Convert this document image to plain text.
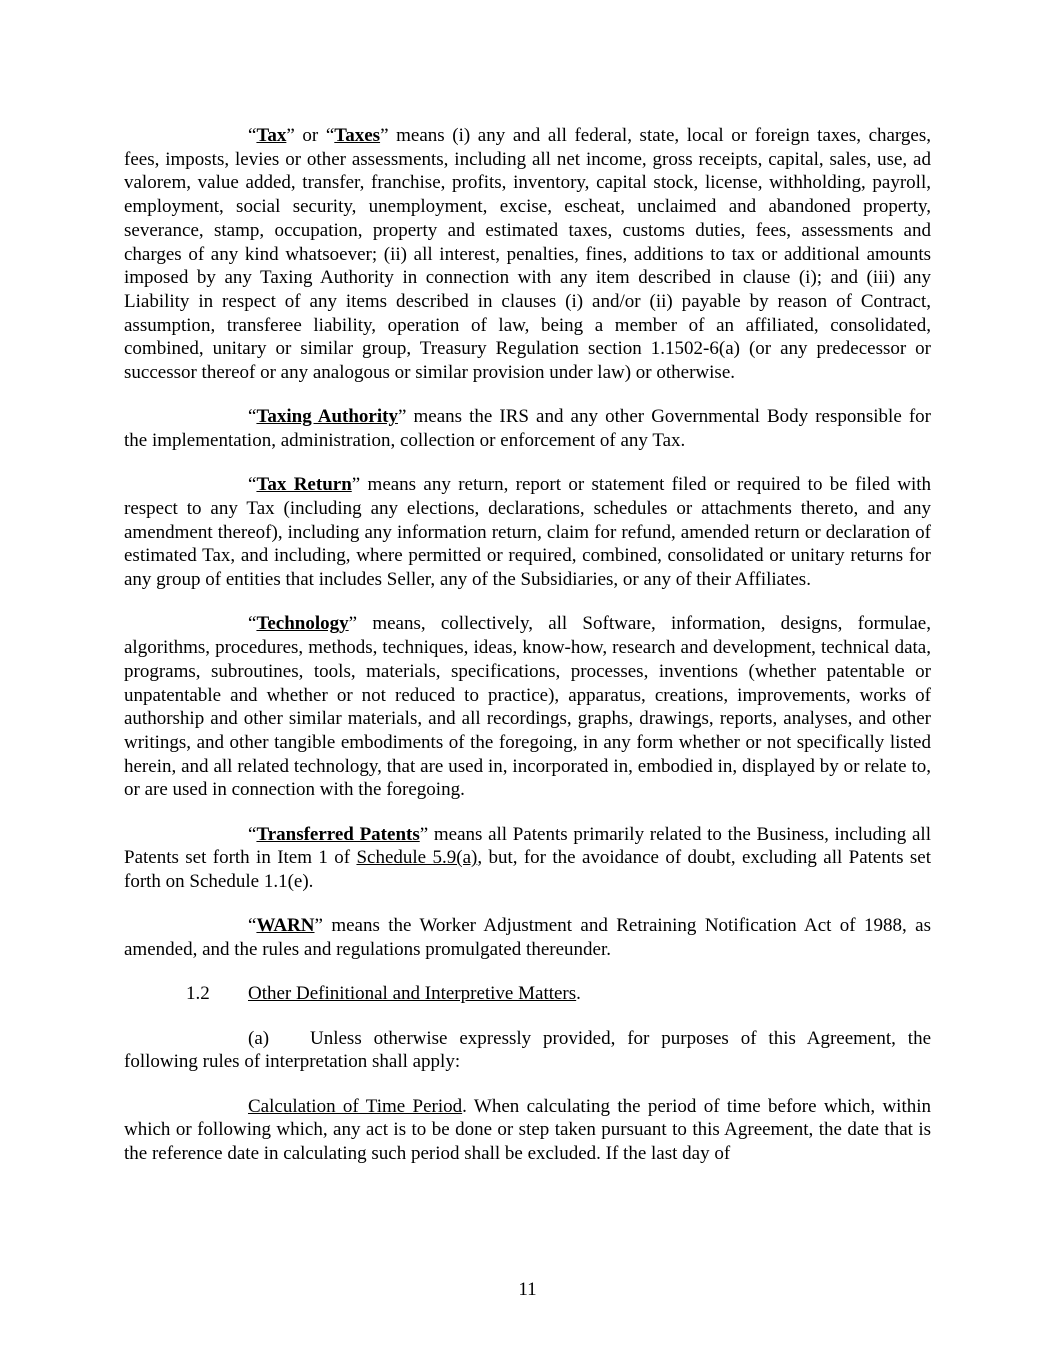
“Tax” or “Taxes” means (i) any and all federal, state, local or foreign taxes, charges, fees, imposts, levies or other assessments, including all net income, gross receipts, capital, sales, use, ad valorem, value added, transfer, franchise, profits, inventory, capital stock, license, withholding, payroll, employment, social security, unemployment, excise, escheat, unclaimed and abandoned property, severance, stamp, occupation, property and estimated taxes, customs duties, fees, assessments and charges of any kind whatsoever; (ii) all interest, penalties, fines, additions to tax or additional amounts imposed by any Taxing Authority in connection with any item described in clause (i); and (iii) any Liability in respect of any items described in clauses (i) and/or (ii) payable by reason of Contract, assumption, transferee liability, operation of law, being a member of an affiliated, consolidated, combined, unitary or similar group, Treasury Regulation section 1.1502-6(a) (or any predecessor or successor thereof or any analogous or similar provision under law) or otherwise.

“Taxing Authority” means the IRS and any other Governmental Body responsible for the implementation, administration, collection or enforcement of any Tax.

“Tax Return” means any return, report or statement filed or required to be filed with respect to any Tax (including any elections, declarations, schedules or attachments thereto, and any amendment thereof), including any information return, claim for refund, amended return or declaration of estimated Tax, and including, where permitted or required, combined, consolidated or unitary returns for any group of entities that includes Seller, any of the Subsidiaries, or any of their Affiliates.

“Technology” means, collectively, all Software, information, designs, formulae, algorithms, procedures, methods, techniques, ideas, know-how, research and development, technical data, programs, subroutines, tools, materials, specifications, processes, inventions (whether patentable or unpatentable and whether or not reduced to practice), apparatus, creations, improvements, works of authorship and other similar materials, and all recordings, graphs, drawings, reports, analyses, and other writings, and other tangible embodiments of the foregoing, in any form whether or not specifically listed herein, and all related technology, that are used in, incorporated in, embodied in, displayed by or relate to, or are used in connection with the foregoing.

“Transferred Patents” means all Patents primarily related to the Business, including all Patents set forth in Item 1 of Schedule 5.9(a), but, for the avoidance of doubt, excluding all Patents set forth on Schedule 1.1(e).

“WARN” means the Worker Adjustment and Retraining Notification Act of 1988, as amended, and the rules and regulations promulgated thereunder.

1.2 Other Definitional and Interpretive Matters.

(a) Unless otherwise expressly provided, for purposes of this Agreement, the following rules of interpretation shall apply:

Calculation of Time Period. When calculating the period of time before which, within which or following which, any act is to be done or step taken pursuant to this Agreement, the date that is the reference date in calculating such period shall be excluded. If the last day of

11
